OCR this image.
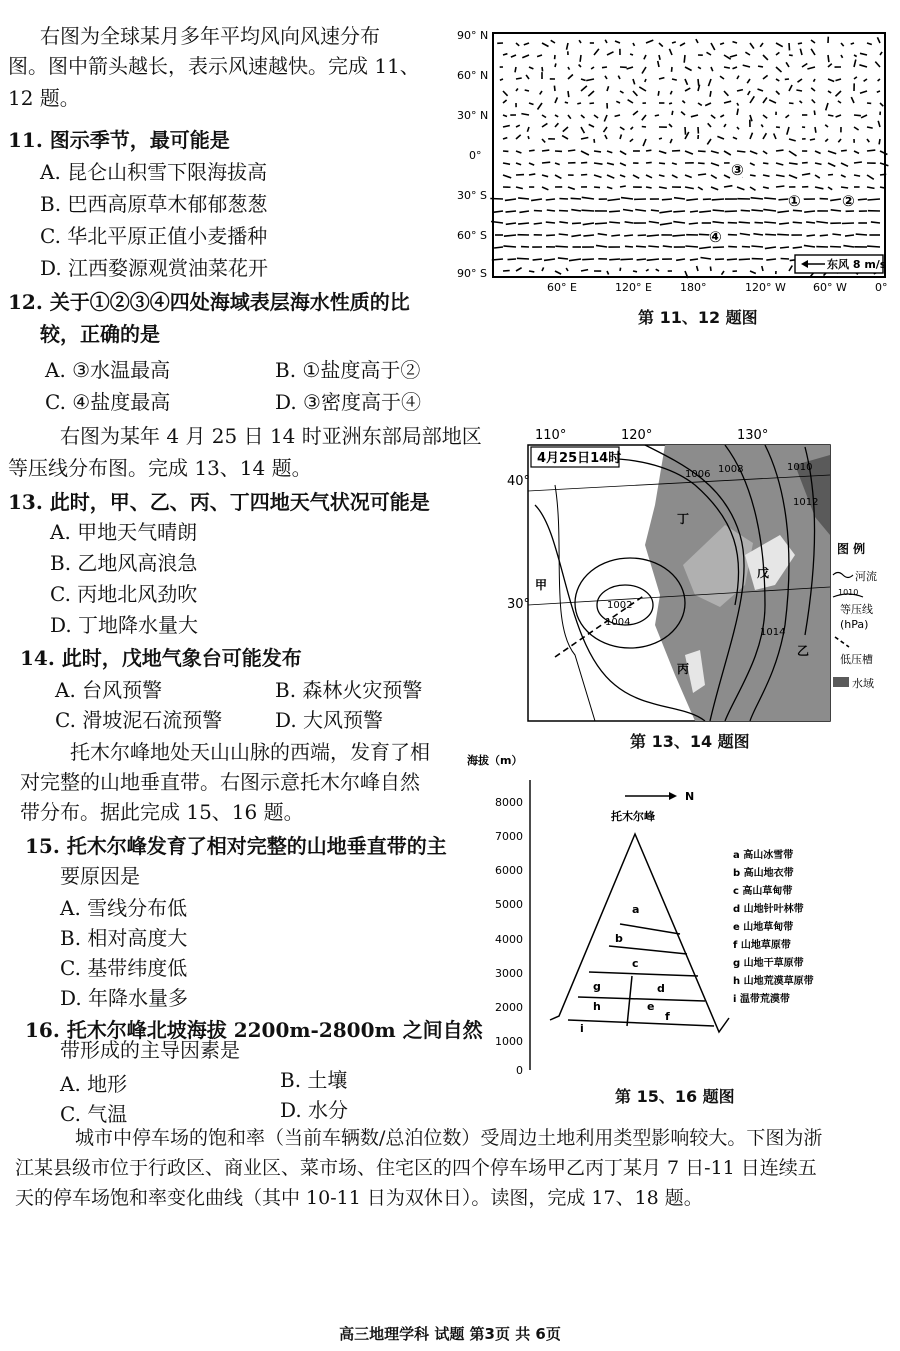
右图为全球某月多年平均风向风速分布
图。图中箭头越长，表示风速越快。完成 11、
12 题。
11. 图示季节，最可能是
A. 昆仑山积雪下限海拔高
B. 巴西高原草木郁郁葱葱
C. 华北平原正值小麦播种
D. 江西婺源观赏油菜花开
12. 关于①②③④四处海域表层海水性质的比
较，正确的是
A. ③水温最高	B. ①盐度高于②
C. ④盐度最高	D. ③密度高于④
右图为某年 4 月 25 日 14 时亚洲东部局部地区
等压线分布图。完成 13、14 题。
13. 此时，甲、乙、丙、丁四地天气状况可能是
A. 甲地天气晴朗
B. 乙地风高浪急
C. 丙地北风劲吹
D. 丁地降水量大
14. 此时，戊地气象台可能发布
A. 台风预警	B. 森林火灾预警
C. 滑坡泥石流预警	D. 大风预警
托木尔峰地处天山山脉的西端，发育了相
对完整的山地垂直带。右图示意托木尔峰自然
带分布。据此完成 15、16 题。
15. 托木尔峰发育了相对完整的山地垂直带的主
要原因是
A. 雪线分布低
B. 相对高度大
C. 基带纬度低
D. 年降水量多
16. 托木尔峰北坡海拔 2200m-2800m 之间自然
带形成的主导因素是
A. 地形	B. 土壤
C. 气温	D. 水分
城市中停车场的饱和率（当前车辆数/总泊位数）受周边土地利用类型影响较大。下图为浙
江某县级市位于行政区、商业区、菜市场、住宅区的四个停车场甲乙丙丁某月 7 日-11 日连续五
天的停车场饱和率变化曲线（其中 10-11 日为双休日）。读图，完成 17、18 题。
90° N
60° N
30° N
0°
30° S
60° S
90° S
60° E	120° E	180°	120° W 60° W	0°
①	②
③
④
东风 8 m/s
第 11、12 题图
110°	120°	130°
4月25日14时
40°
30°
1006 1008	1010
1012
1002
1004
1014
甲
乙
丙
丁
戊
图 例
河流
1010
等压线
(hPa)
低压槽
水域
第 13、14 题图
海拔（m）
N
8000
7000
6000
5000
4000
3000
2000
1000
0
托木尔峰
a
b
c
d
e
f
g
h
i
a 高山冰雪带
b 高山地衣带
c 高山草甸带
d 山地针叶林带
e 山地草甸带
f 山地草原带
g 山地干草原带
h 山地荒漠草原带
i 温带荒漠带
第 15、16 题图
高三地理学科 试题 第3页 共 6页
